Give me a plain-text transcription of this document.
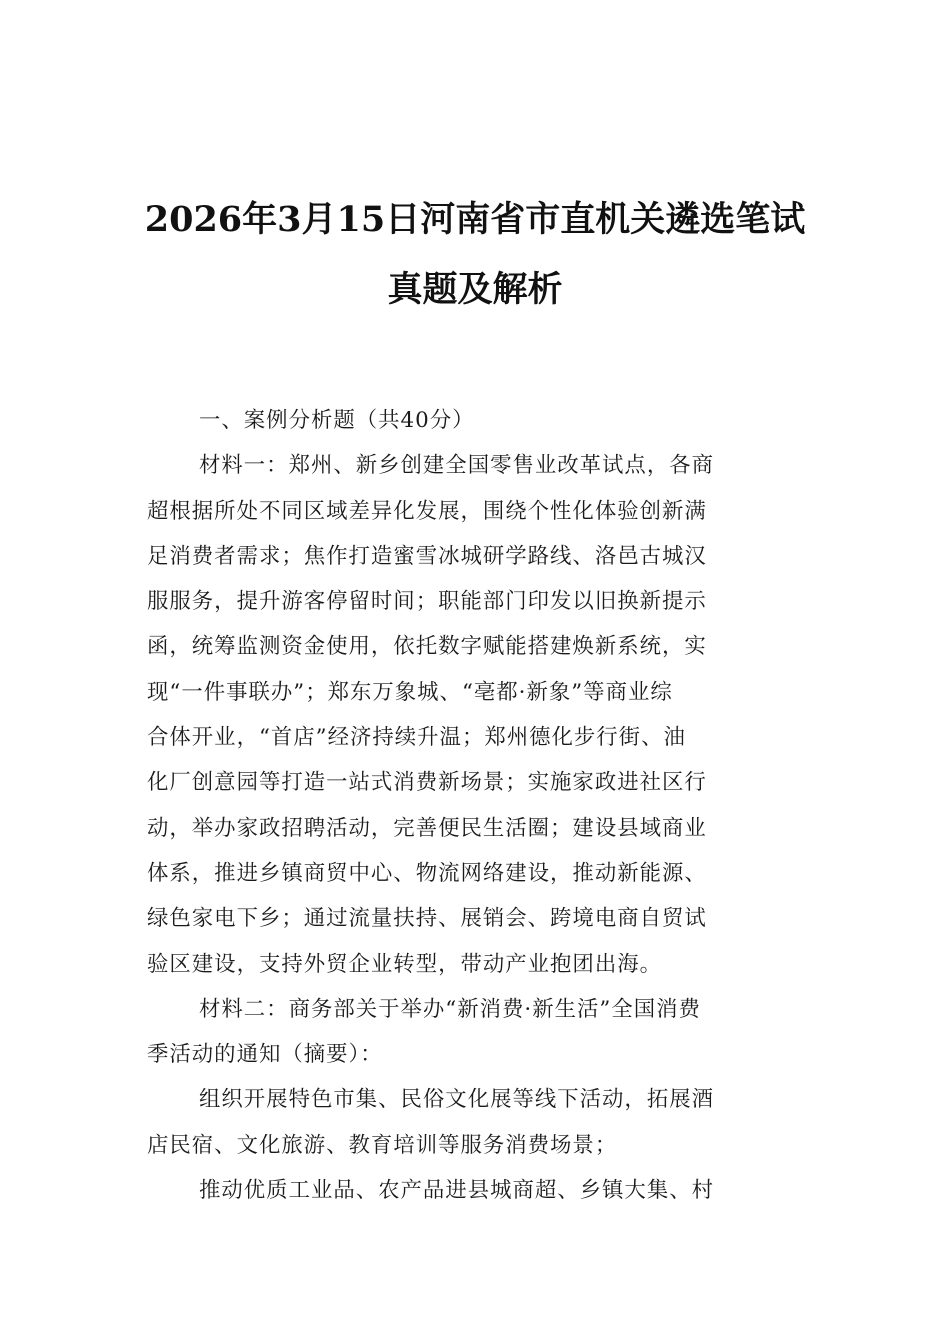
2026年3月15日河南省市直机关遴选笔试
真题及解析
一、案例分析题（共40分）
材料一：郑州、新乡创建全国零售业改革试点，各商
超根据所处不同区域差异化发展，围绕个性化体验创新满
足消费者需求；焦作打造蜜雪冰城研学路线、洛邑古城汉
服服务，提升游客停留时间；职能部门印发以旧换新提示
函，统筹监测资金使用，依托数字赋能搭建焕新系统，实
现“一件事联办”；郑东万象城、“亳都·新象”等商业综
合体开业，“首店”经济持续升温；郑州德化步行街、油
化厂创意园等打造一站式消费新场景；实施家政进社区行
动，举办家政招聘活动，完善便民生活圈；建设县域商业
体系，推进乡镇商贸中心、物流网络建设，推动新能源、
绿色家电下乡；通过流量扶持、展销会、跨境电商自贸试
验区建设，支持外贸企业转型，带动产业抱团出海。
材料二：商务部关于举办“新消费·新生活”全国消费
季活动的通知（摘要）：
组织开展特色市集、民俗文化展等线下活动，拓展酒
店民宿、文化旅游、教育培训等服务消费场景；
推动优质工业品、农产品进县城商超、乡镇大集、村
